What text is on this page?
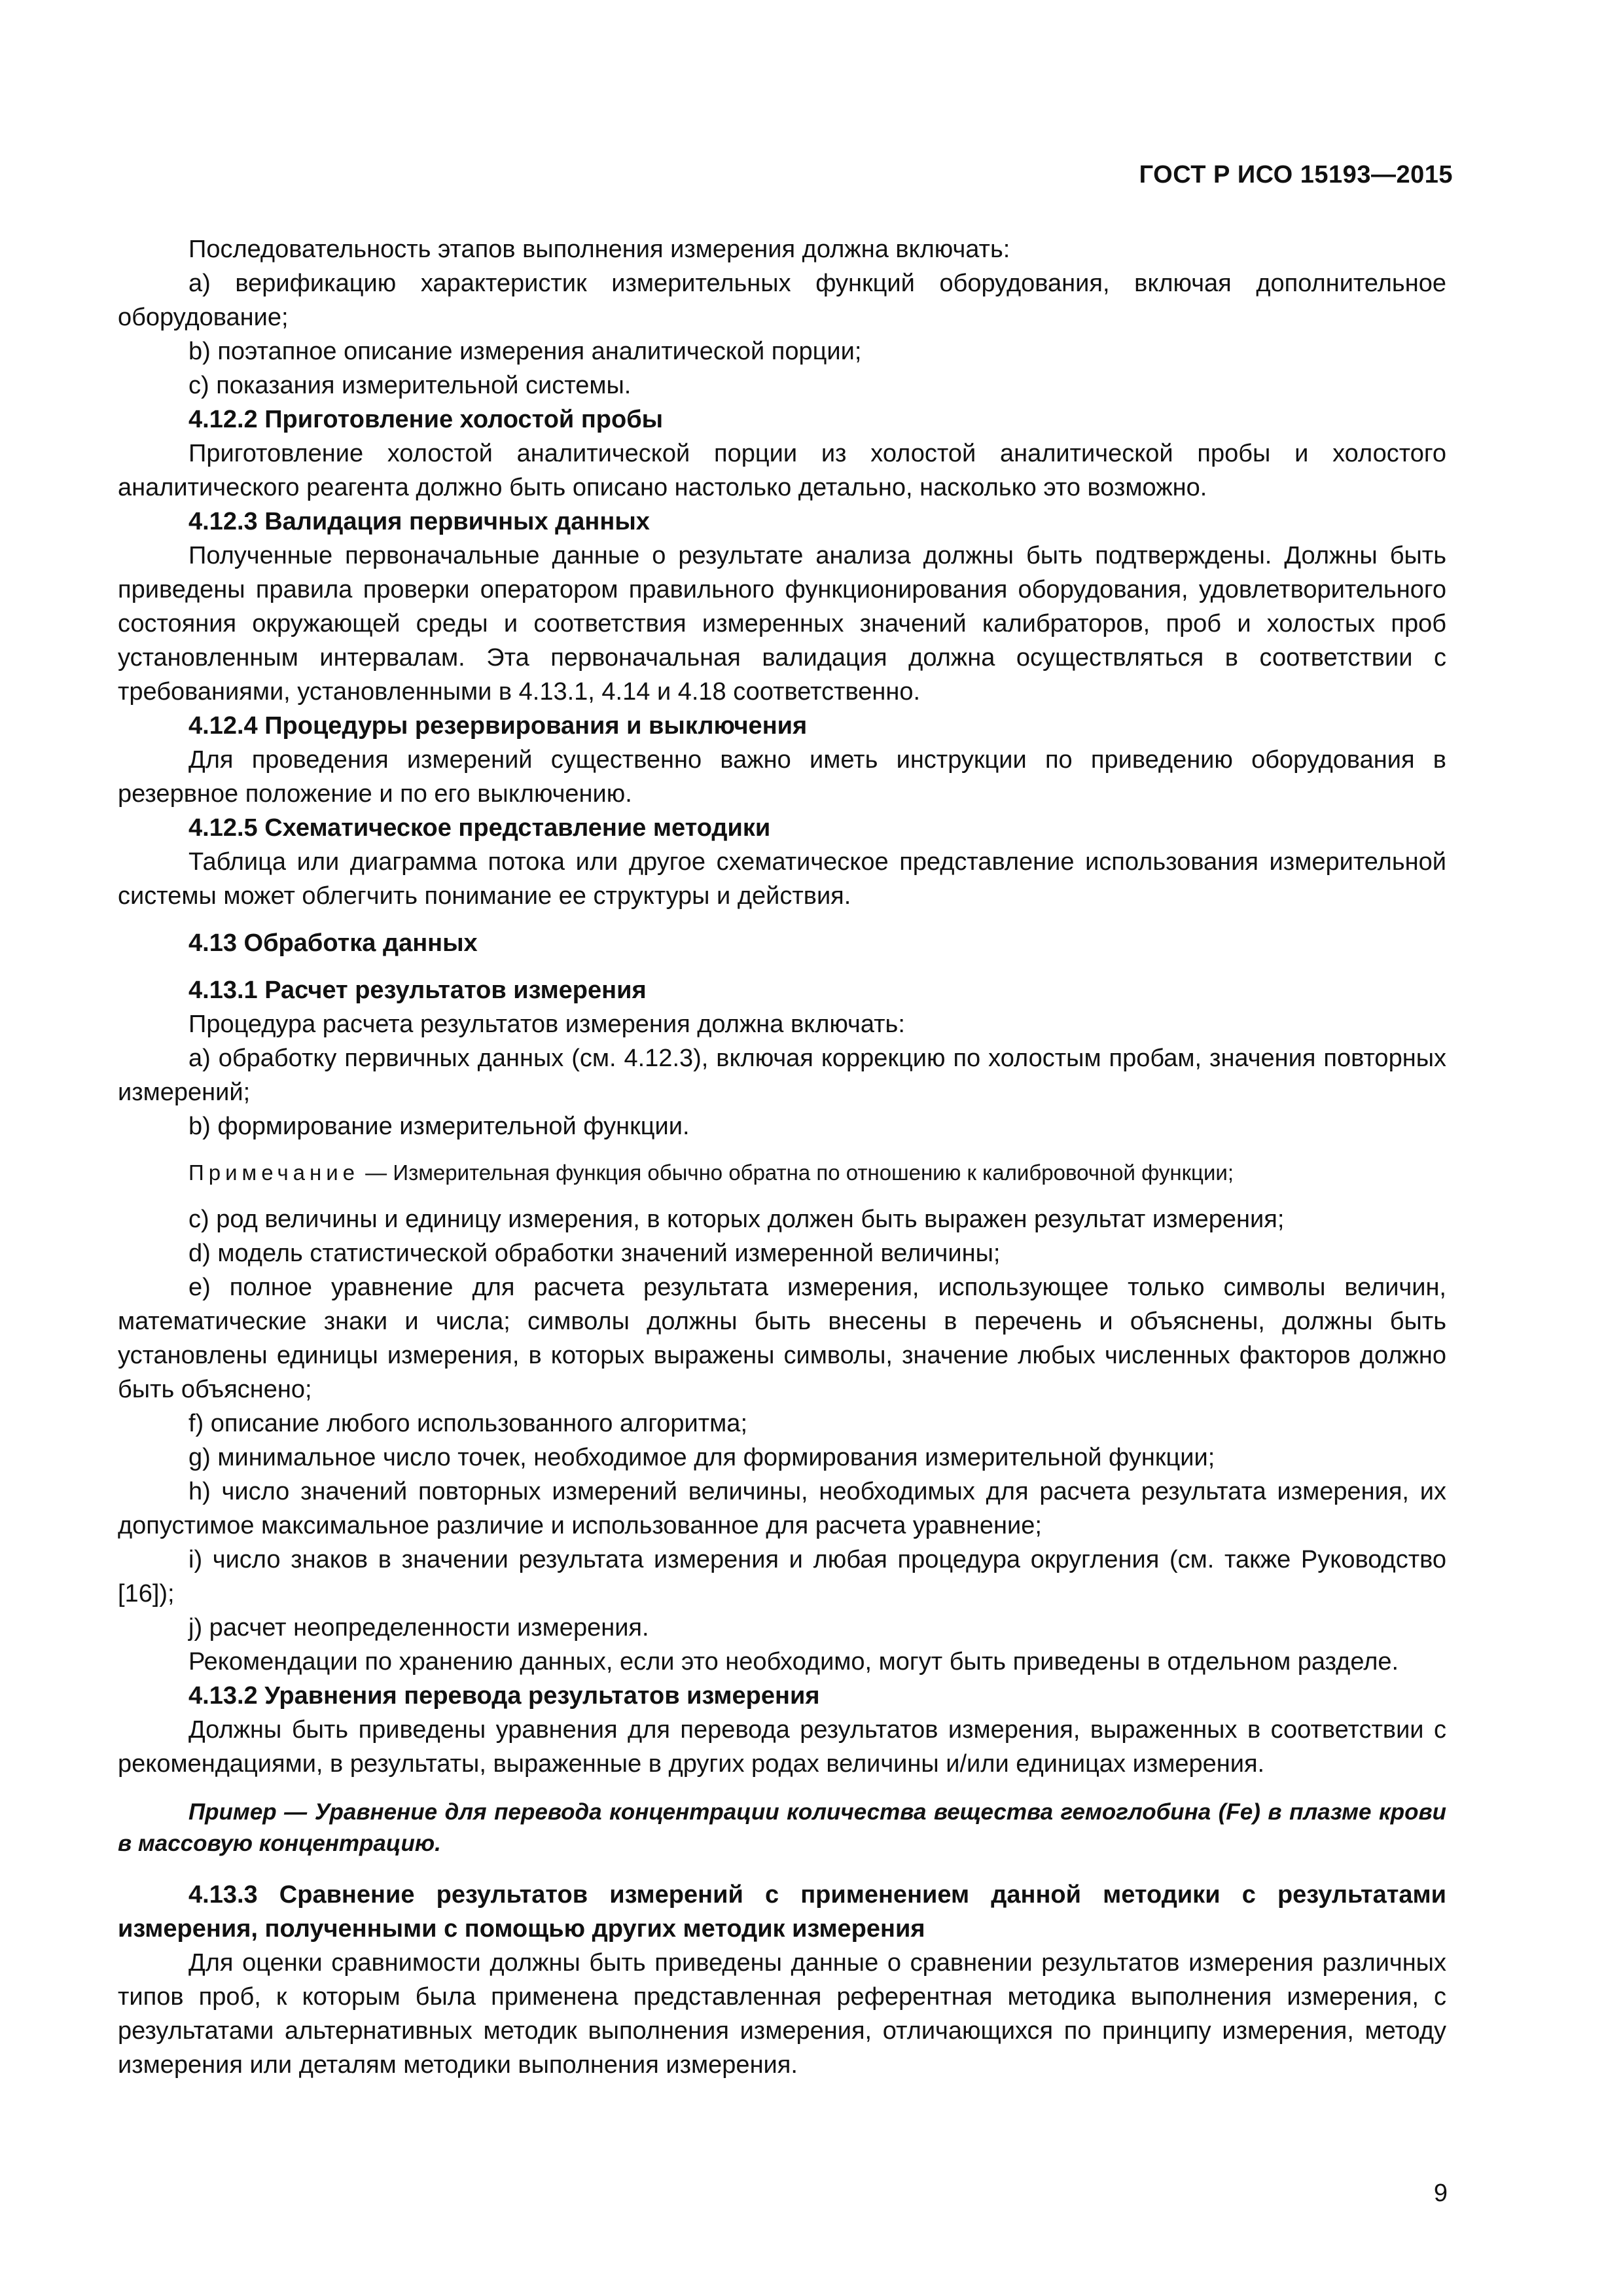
ГОСТ Р ИСО 15193—2015

Последовательность этапов выполнения измерения должна включать:

а) верификацию характеристик измерительных функций оборудования, включая дополнительное оборудование;

b) поэтапное описание измерения аналитической порции;

c) показания измерительной системы.

4.12.2 Приготовление холостой пробы

Приготовление холостой аналитической порции из холостой аналитической пробы и холостого аналитического реагента должно быть описано настолько детально, насколько это возможно.

4.12.3 Валидация первичных данных

Полученные первоначальные данные о результате анализа должны быть подтверждены. Должны быть приведены правила проверки оператором правильного функционирования оборудования, удовлетворительного состояния окружающей среды и соответствия измеренных значений калибраторов, проб и холостых проб установленным интервалам. Эта первоначальная валидация должна осуществляться в соответствии с требованиями, установленными в 4.13.1, 4.14 и 4.18 соответственно.

4.12.4 Процедуры резервирования и выключения

Для проведения измерений существенно важно иметь инструкции по приведению оборудования в резервное положение и по его выключению.

4.12.5 Схематическое представление методики

Таблица или диаграмма потока или другое схематическое представление использования измерительной системы может облегчить понимание ее структуры и действия.

4.13 Обработка данных

4.13.1 Расчет результатов измерения

Процедура расчета результатов измерения должна включать:

а) обработку первичных данных (см. 4.12.3), включая коррекцию по холостым пробам, значения повторных измерений;

b) формирование измерительной функции.

Примечание — Измерительная функция обычно обратна по отношению к калибровочной функции;

c) род величины и единицу измерения, в которых должен быть выражен результат измерения;

d) модель статистической обработки значений измеренной величины;

e) полное уравнение для расчета результата измерения, использующее только символы величин, математические знаки и числа; символы должны быть внесены в перечень и объяснены, должны быть установлены единицы измерения, в которых выражены символы, значение любых численных факторов должно быть объяснено;

f) описание любого использованного алгоритма;

g) минимальное число точек, необходимое для формирования измерительной функции;

h) число значений повторных измерений величины, необходимых для расчета результата измерения, их допустимое максимальное различие и использованное для расчета уравнение;

i) число знаков в значении результата измерения и любая процедура округления (см. также Руководство [16]);

j) расчет неопределенности измерения.

Рекомендации по хранению данных, если это необходимо, могут быть приведены в отдельном разделе.

4.13.2 Уравнения перевода результатов измерения

Должны быть приведены уравнения для перевода результатов измерения, выраженных в соответствии с рекомендациями, в результаты, выраженные в других родах величины и/или единицах измерения.

Пример — Уравнение для перевода концентрации количества вещества гемоглобина (Fe) в плазме крови в массовую концентрацию.

4.13.3 Сравнение результатов измерений с применением данной методики с результатами измерения, полученными с помощью других методик измерения

Для оценки сравнимости должны быть приведены данные о сравнении результатов измерения различных типов проб, к которым была применена представленная референтная методика выполнения измерения, с результатами альтернативных методик выполнения измерения, отличающихся по принципу измерения, методу измерения или деталям методики выполнения измерения.

9
